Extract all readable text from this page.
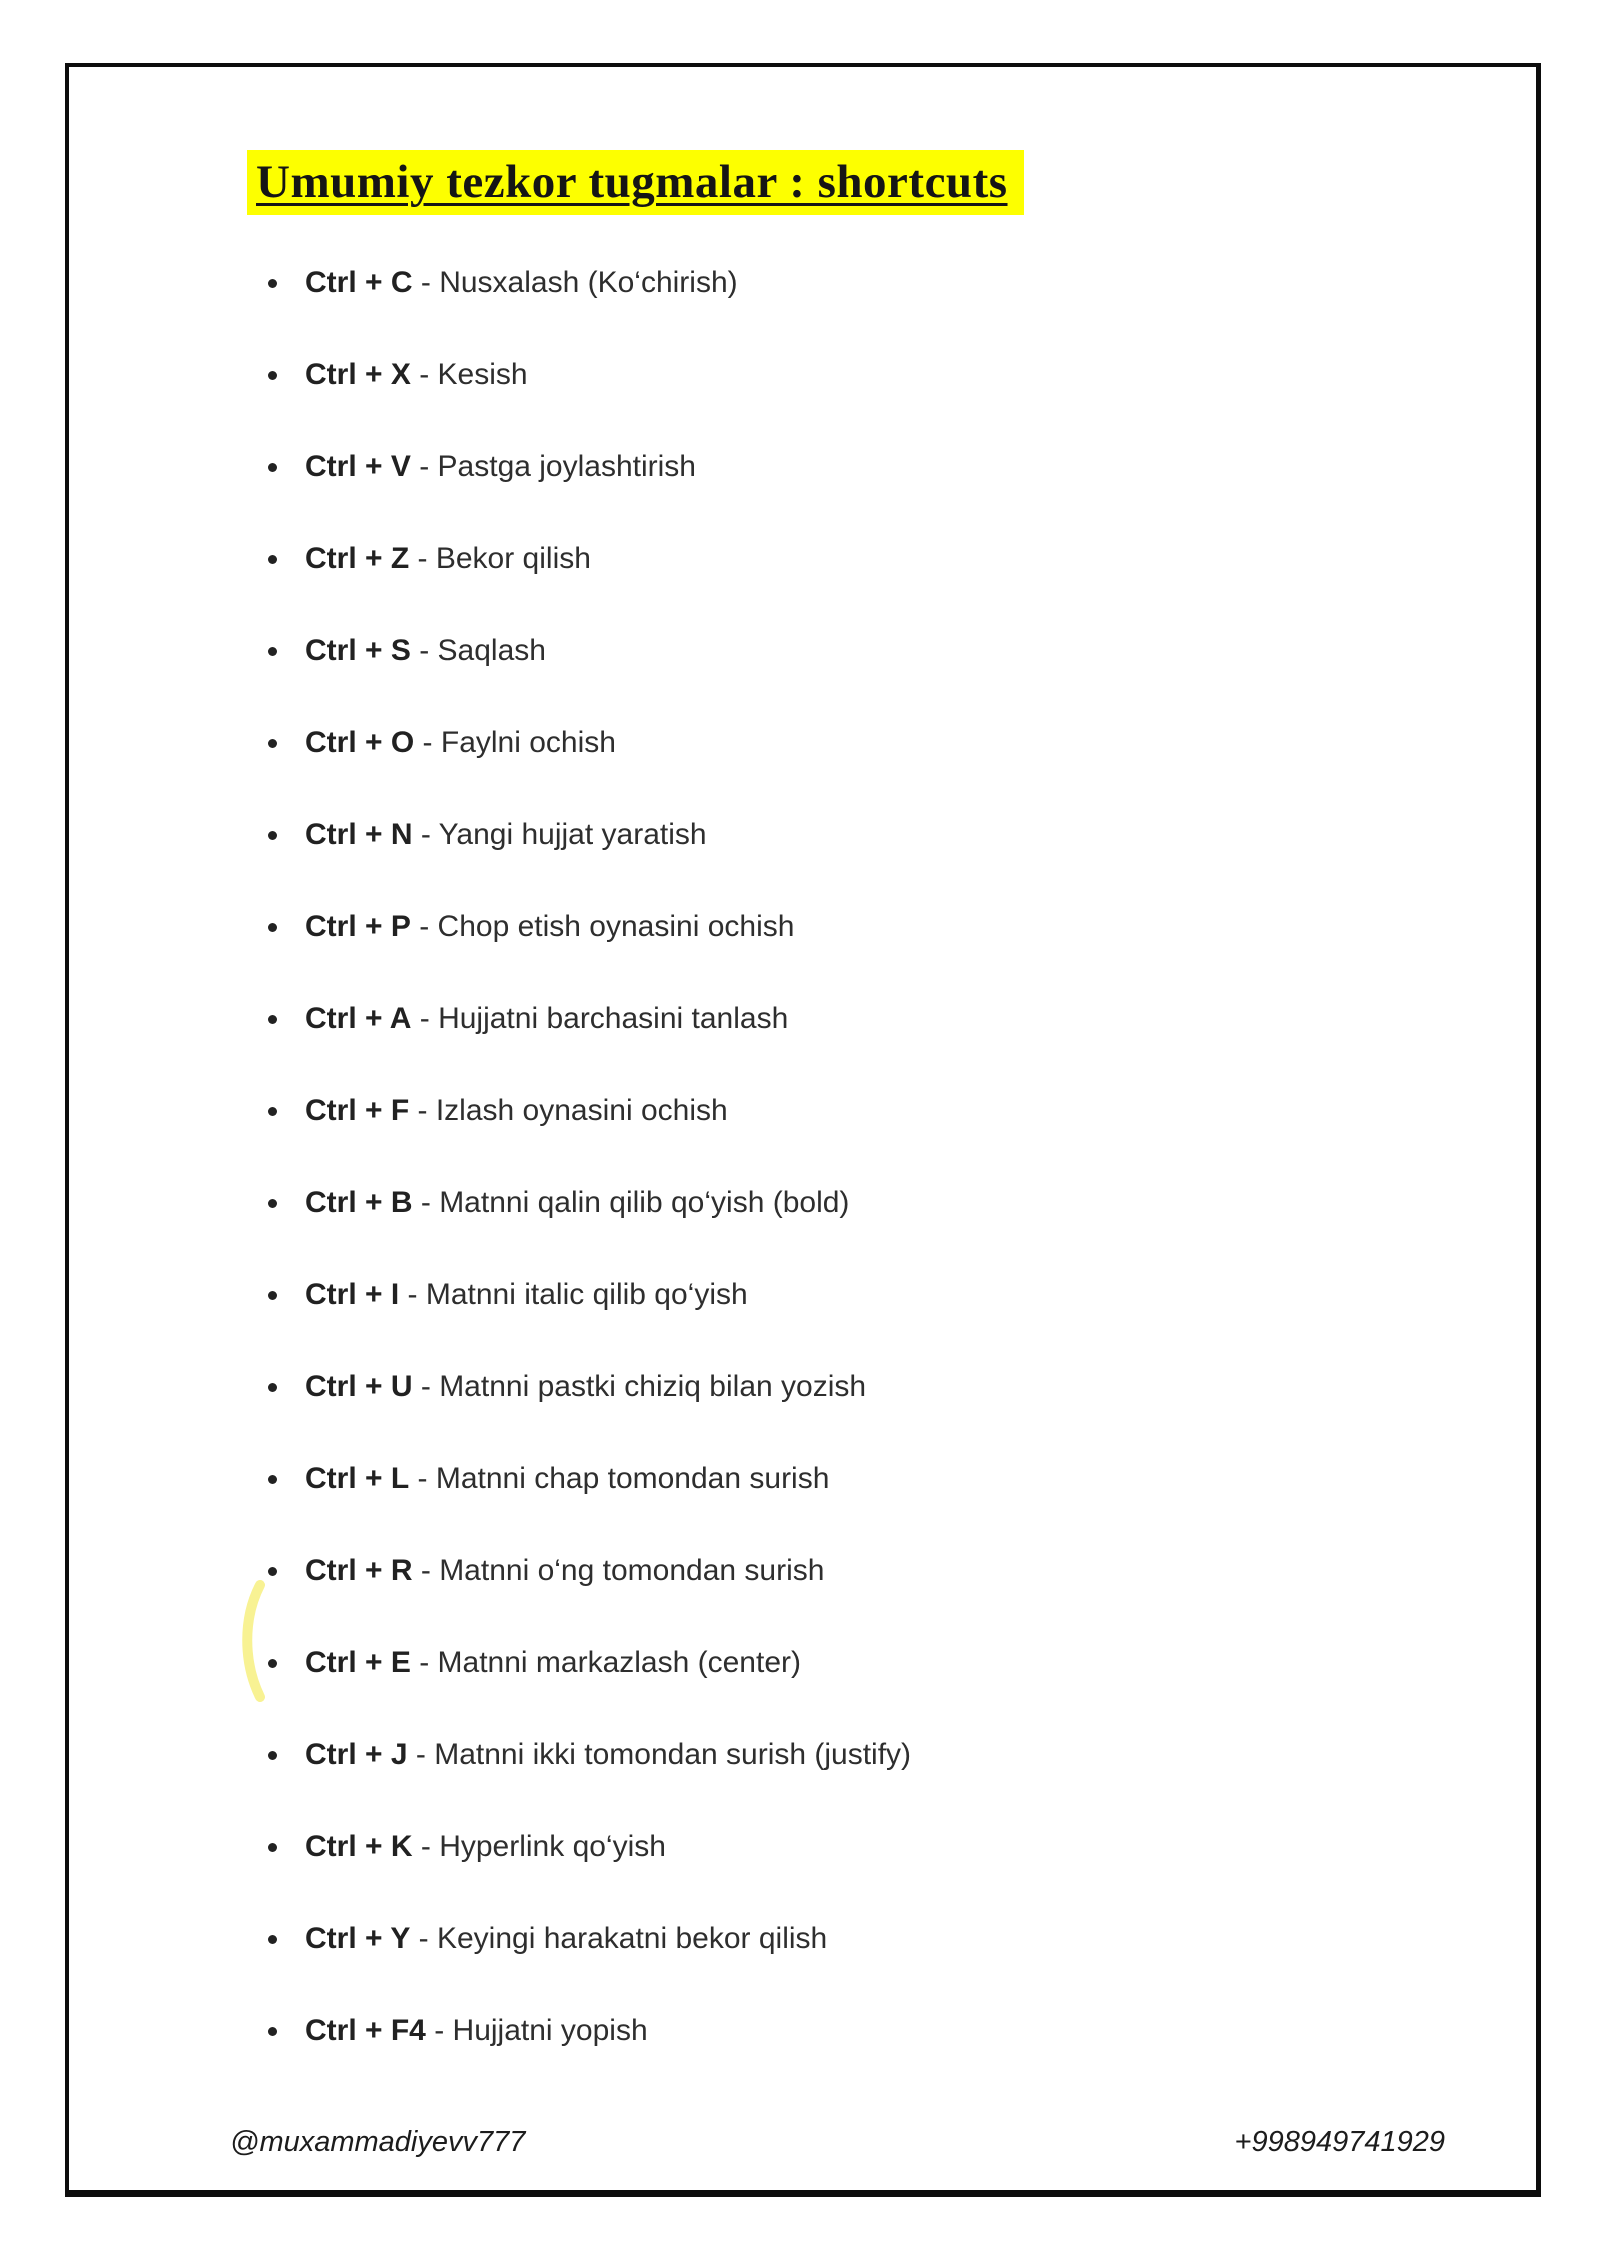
Umumiy tezkor tugmalar : shortcuts
Ctrl + C - Nusxalash (Ko‘chirish)
Ctrl + X - Kesish
Ctrl + V - Pastga joylashtirish
Ctrl + Z - Bekor qilish
Ctrl + S - Saqlash
Ctrl + O - Faylni ochish
Ctrl + N - Yangi hujjat yaratish
Ctrl + P - Chop etish oynasini ochish
Ctrl + A - Hujjatni barchasini tanlash
Ctrl + F - Izlash oynasini ochish
Ctrl + B - Matnni qalin qilib qo‘yish (bold)
Ctrl + I - Matnni italic qilib qo‘yish
Ctrl + U - Matnni pastki chiziq bilan yozish
Ctrl + L - Matnni chap tomondan surish
Ctrl + R - Matnni o‘ng tomondan surish
Ctrl + E - Matnni markazlash (center)
Ctrl + J - Matnni ikki tomondan surish (justify)
Ctrl + K - Hyperlink qo‘yish
Ctrl + Y - Keyingi harakatni bekor qilish
Ctrl + F4 - Hujjatni yopish
@muxammadiyevv777	+998949741929
